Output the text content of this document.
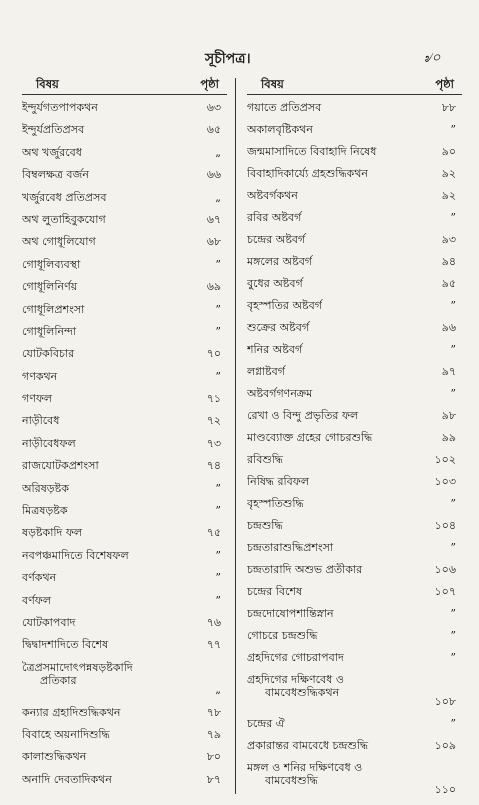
সূচীপত্র।	৶০
বিষয়	পৃষ্ঠা
ইন্দুৰ্যগতপাপকথন	৬৩
ইন্দুৰ্যপ্রতিপ্রসব	৬৫
অথ খর্জুরবেধ	„
বিম্বলক্ষত্র বর্জন	৬৬
খর্জুরবেধ প্রতিপ্রসব	„
অথ লুতাহিবুকযোগ	৬৭
অথ গোধূলিযোগ	৬৮
গোধূলিব্যবস্থা	”
গোধূলিনির্ণয়	৬৯
গোধূলিপ্রশংসা	”
গোধূলিনিন্দা	”
যোটকবিচার	৭০
গণকথন	”
গণফল	৭১
নাড়ীবেধ	৭২
নাড়ীবেধফল	৭৩
রাজযোটকপ্রশংসা	৭৪
অরিষড়ষ্টক	”
মিত্রষড়ষ্টক	”
ষড়ষ্টকাদি ফল	৭৫
নবপঞ্চমাদিতে বিশেষফল	”
বর্ণকথন	”
বর্ণফল	”
যোটকাপবাদ	৭৬
দ্বিদ্বাদশাদিতে বিশেষ	৭৭
ত্রৈপ্রসমাদোৎপন্নষড়ষ্টকাদি
প্রতিকার
„
কন্যার গ্রহাদিশুদ্ধিকথন	৭৮
বিবাহে অয়নাদিশুদ্ধি	৭৯
কালাশুদ্ধিকথন	৮০
অনাদি দেবতাদিকথন	৮৭
বিষয়	পৃষ্ঠা
গয়াতে প্রতিপ্রসব	৮৮
অকালবৃষ্টিকথন	”
জন্মমাসাদিতে বিবাহাদি নিষেধ	৯০
বিবাহাদিকার্য্যে গ্রহশুদ্ধিকথন	৯২
অষ্টবর্গকথন	৯২
রবির অষ্টবর্গ	”
চন্দ্রের অষ্টবর্গ	৯৩
মঙ্গলের অষ্টবর্গ	৯৪
বুধের অষ্টবর্গ	৯৫
বৃহস্পতির অষ্টবর্গ	”
শুক্রের অষ্টবর্গ	৯৬
শনির অষ্টবর্গ	”
লগ্নাষ্টবর্গ	৯৭
অষ্টবর্গগণনক্রম	”
রেখা ও বিন্দু প্রভৃতির ফল	৯৮
মাণ্ডব্যোক্ত গ্রহের গোচরশুদ্ধি	৯৯
রবিশুদ্ধি	১০২
নিষিদ্ধ রবিফল	১০৩
বৃহস্পতিশুদ্ধি	”
চন্দ্রশুদ্ধি	১০৪
চন্দ্রতারাশুদ্ধিপ্রশংসা	”
চন্দ্রতারাদি অশুভ প্রতীকার	১০৬
চন্দ্রের বিশেষ	১০৭
চন্দ্রদোষোপশান্তিস্নান	”
গোচরে চন্দ্রশুদ্ধি	”
গ্রহদিগের গোচরাপবাদ	”
গ্রহদিগের দক্ষিণবেধ ও
বামবেধশুদ্ধিকথন
১০৮
চন্দ্রের ঐ	”
প্রকারান্তর বামবেধে চন্দ্রশুদ্ধি	১০৯
মঙ্গল ও শনির দক্ষিণবেধ ও
বামবেধশুদ্ধি
১১০
